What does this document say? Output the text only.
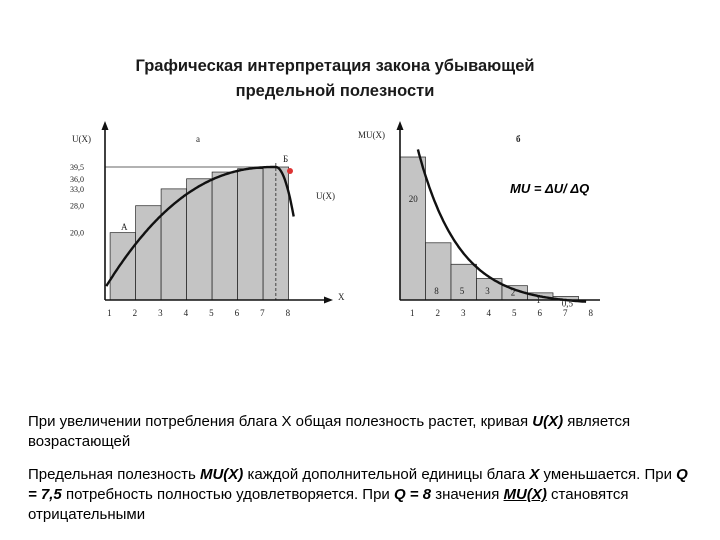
Графическая интерпретация закона убывающей
предельной полезности
U(X)	а
X
U(X)
А
Б
39,5
36,0
33,0
28,0
20,0
1 2 3 4 5 6 7 8
MU(X)	б
MU = ΔU/ ΔQ
20
8 5 3 2
1 0,5
1 2 3 4 5 6 7 8
При увеличении потребления блага X общая полезность растет, кривая U(X) является возрастающей
Предельная полезность MU(X) каждой дополнительной единицы блага X уменьшается. При Q = 7,5 потребность полностью удовлетворяется. При Q = 8 значения MU(X) становятся отрицательными
